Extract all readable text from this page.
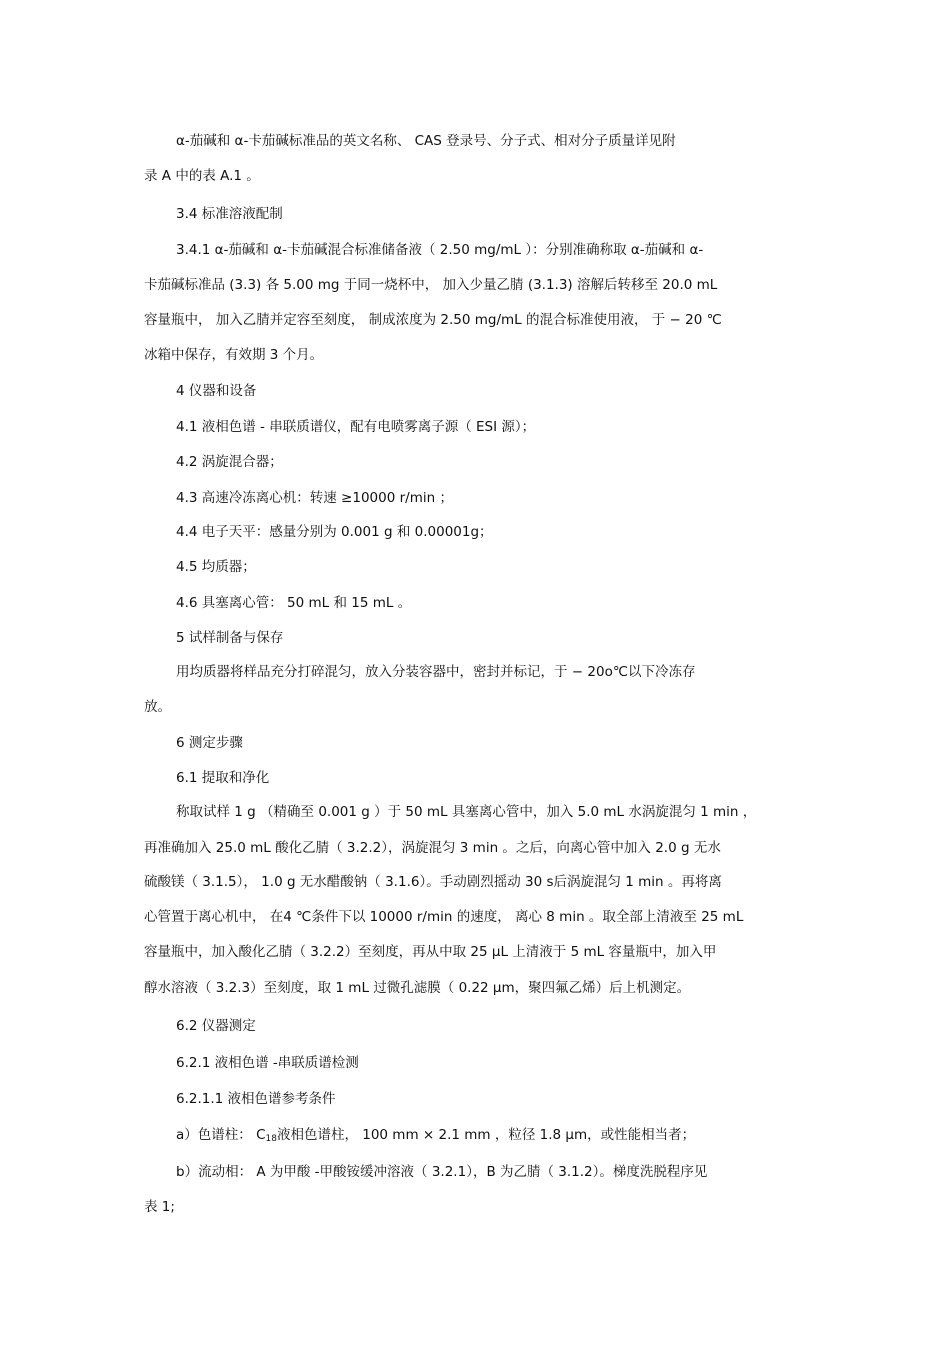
α-茄碱和 α-卡茄碱标准品的英文名称、 CAS 登录号、分子式、相对分子质量详见附

录 A 中的表 A.1 。

3.4 标准溶液配制

3.4.1 α-茄碱和 α-卡茄碱混合标准储备液（ 2.50 mg/mL ）：分别准确称取 α-茄碱和 α-

卡茄碱标准品 (3.3) 各 5.00 mg 于同一烧杯中， 加入少量乙腈 (3.1.3) 溶解后转移至 20.0 mL

容量瓶中， 加入乙腈并定容至刻度， 制成浓度为 2.50 mg/mL 的混合标准使用液， 于 − 20 ℃

冰箱中保存，有效期 3 个月。

4 仪器和设备

4.1 液相色谱 - 串联质谱仪，配有电喷雾离子源（ ESI 源）；

4.2 涡旋混合器；

4.3 高速冷冻离心机：转速 ≥10000 r/min ；

4.4 电子天平：感量分别为 0.001 g 和 0.00001g；

4.5 均质器；

4.6 具塞离心管： 50 mL 和 15 mL 。

5 试样制备与保存

用均质器将样品充分打碎混匀，放入分装容器中，密封并标记，于 − 20o℃以下冷冻存

放。

6 测定步骤

6.1 提取和净化

称取试样 1 g （精确至 0.001 g ）于 50 mL 具塞离心管中，加入 5.0 mL 水涡旋混匀 1 min ，

再准确加入 25.0 mL 酸化乙腈（ 3.2.2），涡旋混匀 3 min 。之后，向离心管中加入 2.0 g 无水

硫酸镁（ 3.1.5）， 1.0 g 无水醋酸钠（ 3.1.6）。手动剧烈摇动 30 s后涡旋混匀 1 min 。再将离

心管置于离心机中， 在4 ℃条件下以 10000 r/min 的速度， 离心 8 min 。取全部上清液至 25 mL

容量瓶中，加入酸化乙腈（ 3.2.2）至刻度，再从中取 25 μL 上清液于 5 mL 容量瓶中，加入甲

醇水溶液（ 3.2.3）至刻度，取 1 mL 过微孔滤膜（ 0.22 μm，聚四氟乙烯）后上机测定。

6.2 仪器测定

6.2.1 液相色谱 -串联质谱检测

6.2.1.1 液相色谱参考条件

a）色谱柱： $C_{18}$液相色谱柱， 100 mm × 2.1 mm ，粒径 1.8 μm，或性能相当者；

b）流动相： A 为甲酸 -甲酸铵缓冲溶液（ 3.2.1），B 为乙腈（ 3.1.2）。梯度洗脱程序见

表 1;
